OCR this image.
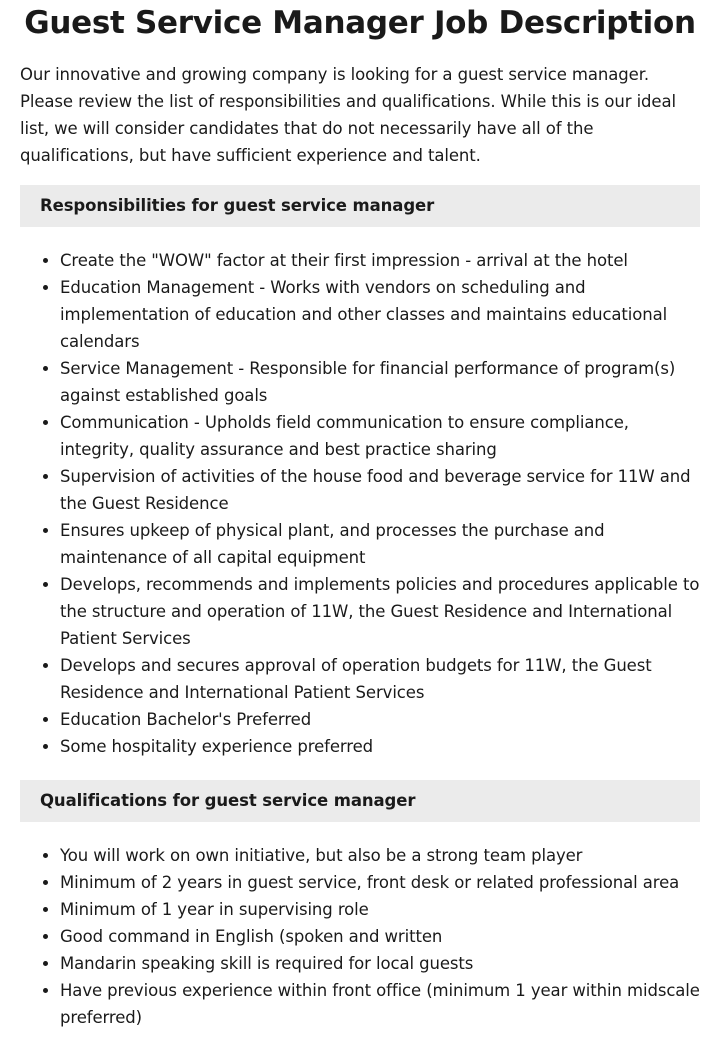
Guest Service Manager Job Description

Our innovative and growing company is looking for a guest service manager. Please review the list of responsibilities and qualifications. While this is our ideal list, we will consider candidates that do not necessarily have all of the qualifications, but have sufficient experience and talent.

Responsibilities for guest service manager
• Create the "WOW" factor at their first impression - arrival at the hotel
• Education Management - Works with vendors on scheduling and implementation of education and other classes and maintains educational calendars
• Service Management - Responsible for financial performance of program(s) against established goals
• Communication - Upholds field communication to ensure compliance, integrity, quality assurance and best practice sharing
• Supervision of activities of the house food and beverage service for 11W and the Guest Residence
• Ensures upkeep of physical plant, and processes the purchase and maintenance of all capital equipment
• Develops, recommends and implements policies and procedures applicable to the structure and operation of 11W, the Guest Residence and International Patient Services
• Develops and secures approval of operation budgets for 11W, the Guest Residence and International Patient Services
• Education Bachelor's Preferred
• Some hospitality experience preferred
Qualifications for guest service manager
• You will work on own initiative, but also be a strong team player
• Minimum of 2 years in guest service, front desk or related professional area
• Minimum of 1 year in supervising role
• Good command in English (spoken and written
• Mandarin speaking skill is required for local guests
• Have previous experience within front office (minimum 1 year within midscale preferred)
